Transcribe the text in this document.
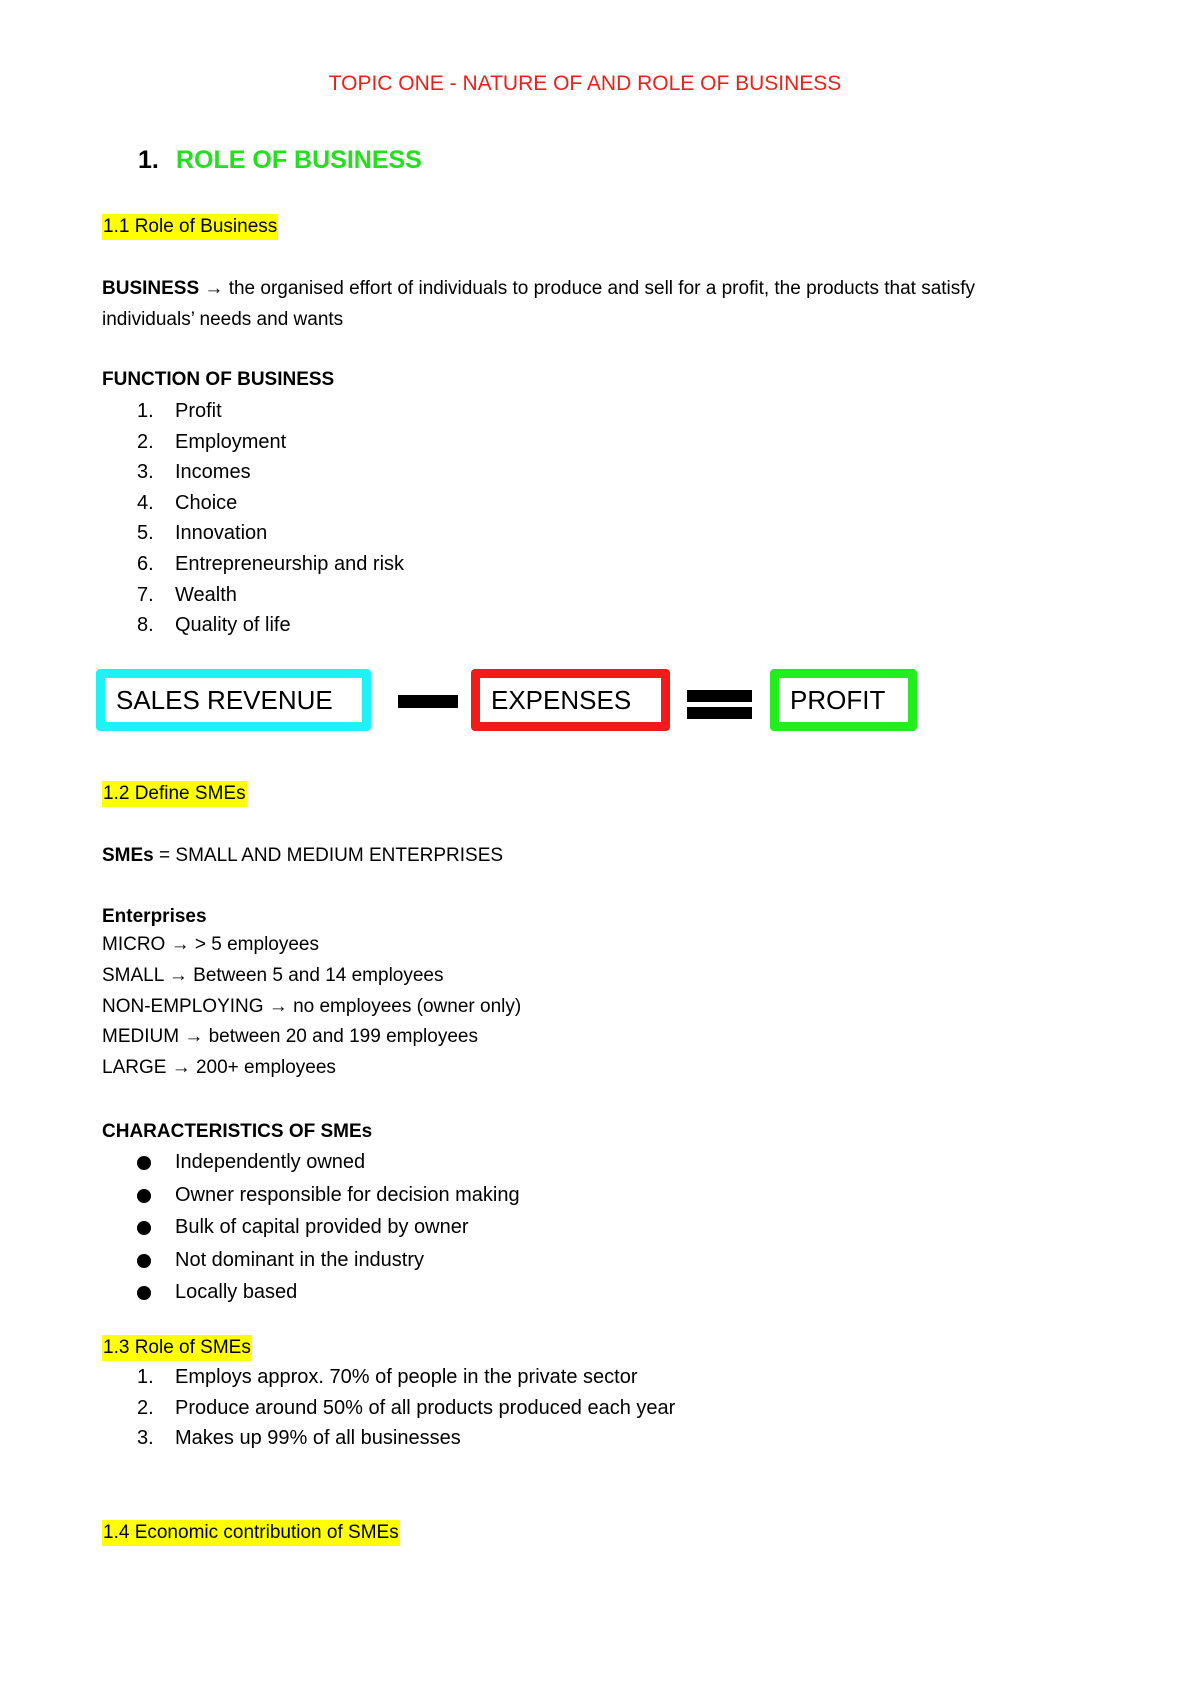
TOPIC ONE - NATURE OF AND ROLE OF BUSINESS
1. ROLE OF BUSINESS
1.1 Role of Business
BUSINESS → the organised effort of individuals to produce and sell for a profit, the products that satisfy individuals’ needs and wants
FUNCTION OF BUSINESS
1.	Profit
2.	Employment
3.	Incomes
4.	Choice
5.	Innovation
6.	Entrepreneurship and risk
7.	Wealth
8.	Quality of life
SALES REVENUE	EXPENSES	PROFIT
1.2 Define SMEs
SMEs = SMALL AND MEDIUM ENTERPRISES
Enterprises
MICRO → > 5 employees
SMALL → Between 5 and 14 employees
NON-EMPLOYING → no employees (owner only)
MEDIUM → between 20 and 199 employees
LARGE → 200+ employees
CHARACTERISTICS OF SMEs
Independently owned
Owner responsible for decision making
Bulk of capital provided by owner
Not dominant in the industry
Locally based
1.3 Role of SMEs
1.	Employs approx. 70% of people in the private sector
2.	Produce around 50% of all products produced each year
3.	Makes up 99% of all businesses
1.4 Economic contribution of SMEs
